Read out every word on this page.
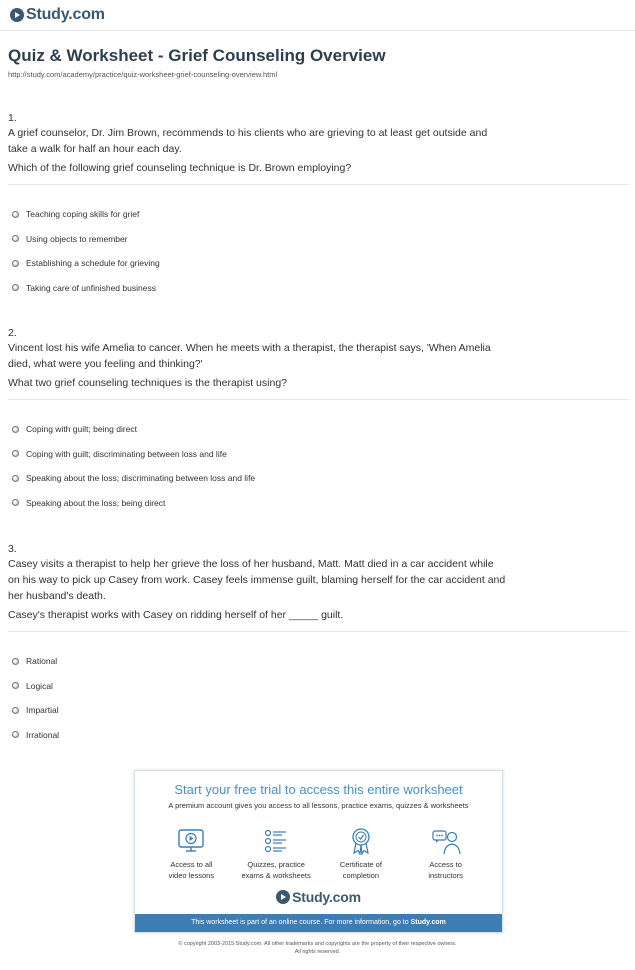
Study.com
Quiz & Worksheet - Grief Counseling Overview
http://study.com/academy/practice/quiz-worksheet-grief-counseling-overview.html
1.
A grief counselor, Dr. Jim Brown, recommends to his clients who are grieving to at least get outside and take a walk for half an hour each day.
Which of the following grief counseling technique is Dr. Brown employing?
Teaching coping skills for grief
Using objects to remember
Establishing a schedule for grieving
Taking care of unfinished business
2.
Vincent lost his wife Amelia to cancer. When he meets with a therapist, the therapist says, 'When Amelia died, what were you feeling and thinking?'
What two grief counseling techniques is the therapist using?
Coping with guilt; being direct
Coping with guilt; discriminating between loss and life
Speaking about the loss; discriminating between loss and life
Speaking about the loss; being direct
3.
Casey visits a therapist to help her grieve the loss of her husband, Matt. Matt died in a car accident while on his way to pick up Casey from work. Casey feels immense guilt, blaming herself for the car accident and her husband's death.
Casey's therapist works with Casey on ridding herself of her _____ guilt.
Rational
Logical
Impartial
Irrational
Start your free trial to access this entire worksheet
A premium account gives you access to all lessons, practice exams, quizzes & worksheets
Access to all
video lessons
Quizzes, practice
exams & worksheets
Certificate of
completion
Access to
instructors
Study.com
This worksheet is part of an online course. For more information, go to Study.com
© copyright 2003-2015 Study.com. All other trademarks and copyrights are the property of their respective owners.
All rights reserved.
